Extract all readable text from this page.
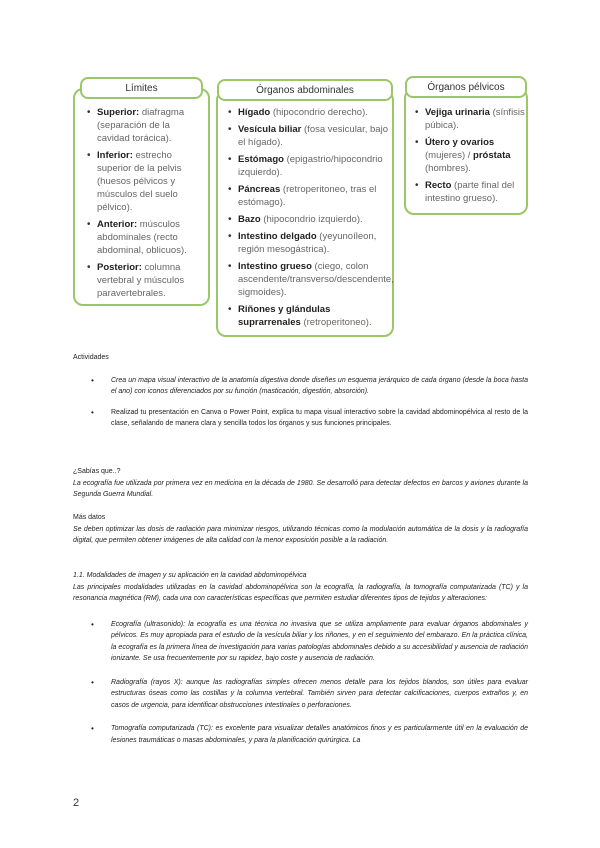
• Superior: diafragma (separación de la cavidad torácica).
• Inferior: estrecho superior de la pelvis (huesos pélvicos y músculos del suelo pélvico).
• Anterior: músculos abdominales (recto abdominal, oblicuos).
• Posterior: columna vertebral y músculos paravertebrales.
Límites
• Hígado (hipocondrio derecho).
• Vesícula biliar (fosa vesicular, bajo el hígado).
• Estómago (epigastrio/hipocondrio izquierdo).
• Páncreas (retroperitoneo, tras el estómago).
• Bazo (hipocondrio izquierdo).
• Intestino delgado (yeyunoíleon, región mesogástrica).
• Intestino grueso (ciego, colon ascendente/transverso/descendente, sigmoides).
• Riñones y glándulas suprarrenales (retroperitoneo).
Órganos abdominales
• Vejiga urinaria (sínfisis púbica).
• Útero y ovarios (mujeres) / próstata (hombres).
• Recto (parte final del intestino grueso).
Órganos pélvicos
Actividades
• Crea un mapa visual interactivo de la anatomía digestiva donde diseñes un esquema jerárquico de cada órgano (desde la boca hasta el ano) con iconos diferenciados por su función (masticación, digestión, absorción).
• Realizad tu presentación en Canva o Power Point, explica tu mapa visual interactivo sobre la cavidad abdominopélvica al resto de la clase, señalando de manera clara y sencilla todos los órganos y sus funciones principales.
¿Sabías que..?

La ecografía fue utilizada por primera vez en medicina en la década de 1980. Se desarrolló para detectar defectos en barcos y aviones durante la Segunda Guerra Mundial.

Más datos

Se deben optimizar las dosis de radiación para minimizar riesgos, utilizando técnicas como la modulación automática de la dosis y la radiografía digital, que permiten obtener imágenes de alta calidad con la menor exposición posible a la radiación.

1.1. Modalidades de imagen y su aplicación en la cavidad abdominopélvica

Las principales modalidades utilizadas en la cavidad abdominopélvica son la ecografía, la radiografía, la tomografía computarizada (TC) y la resonancia magnética (RM), cada una con características específicas que permiten estudiar diferentes tipos de tejidos y alteraciones:

• Ecografía (ultrasonido): la ecografía es una técnica no invasiva que se utiliza ampliamente para evaluar órganos abdominales y pélvicos. Es muy apropiada para el estudio de la vesícula biliar y los riñones, y en el seguimiento del embarazo. En la práctica clínica, la ecografía es la primera línea de investigación para varias patologías abdominales debido a su accesibilidad y ausencia de radiación ionizante. Se usa frecuentemente por su rapidez, bajo coste y ausencia de radiación.
• Radiografía (rayos X): aunque las radiografías simples ofrecen menos detalle para los tejidos blandos, son útiles para evaluar estructuras óseas como las costillas y la columna vertebral. También sirven para detectar calcificaciones, cuerpos extraños y, en casos de urgencia, para identificar obstrucciones intestinales o perforaciones.
• Tomografía computarizada (TC): es excelente para visualizar detalles anatómicos finos y es particularmente útil en la evaluación de lesiones traumáticas o masas abdominales, y para la planificación quirúrgica. La
2
